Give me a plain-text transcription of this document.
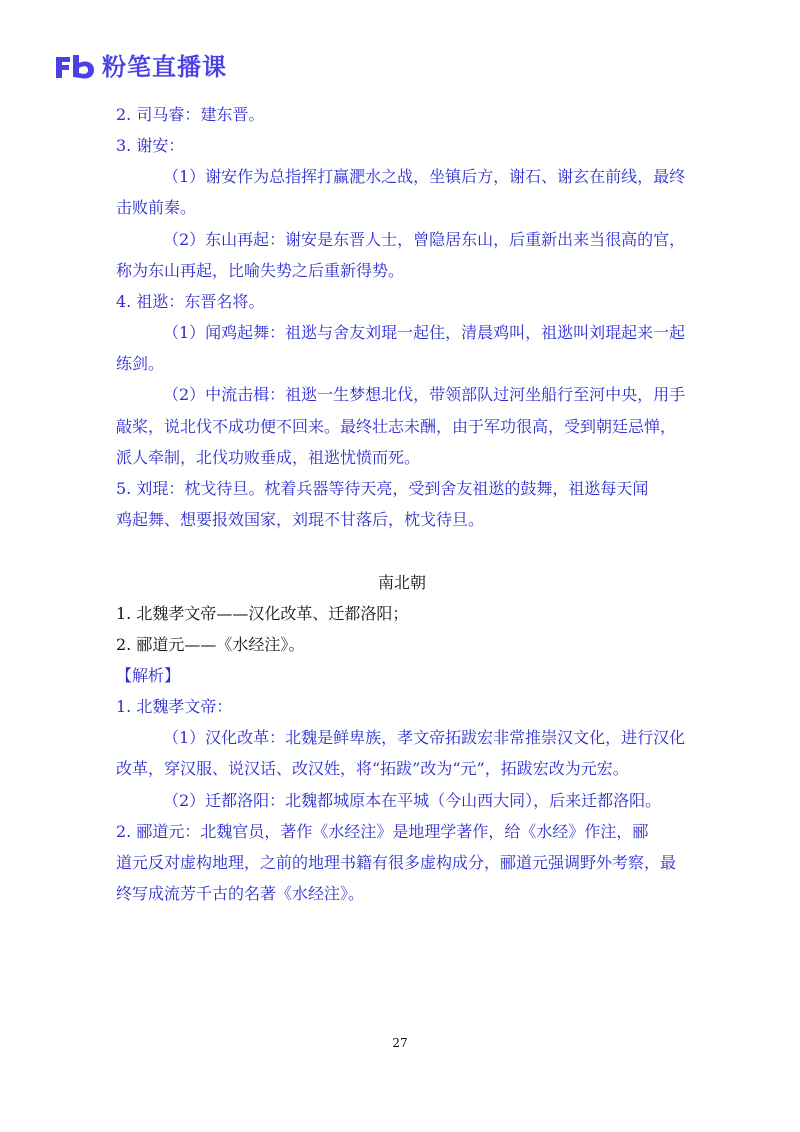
粉笔直播课
2. 司马睿：建东晋。
3. 谢安：
（1）谢安作为总指挥打赢淝水之战，坐镇后方，谢石、谢玄在前线，最终
击败前秦。
（2）东山再起：谢安是东晋人士，曾隐居东山，后重新出来当很高的官，
称为东山再起，比喻失势之后重新得势。
4. 祖逖：东晋名将。
（1）闻鸡起舞：祖逖与舍友刘琨一起住，清晨鸡叫，祖逖叫刘琨起来一起
练剑。
（2）中流击楫：祖逖一生梦想北伐，带领部队过河坐船行至河中央，用手
敲桨，说北伐不成功便不回来。最终壮志未酬，由于军功很高，受到朝廷忌惮，
派人牵制，北伐功败垂成，祖逖忧愤而死。
5. 刘琨：枕戈待旦。枕着兵器等待天亮，受到舍友祖逖的鼓舞，祖逖每天闻
鸡起舞、想要报效国家，刘琨不甘落后，枕戈待旦。
南北朝
1. 北魏孝文帝——汉化改革、迁都洛阳；
2. 郦道元——《水经注》。
【解析】
1. 北魏孝文帝：
（1）汉化改革：北魏是鲜卑族，孝文帝拓跋宏非常推崇汉文化，进行汉化
改革，穿汉服、说汉话、改汉姓，将“拓跋”改为“元”，拓跋宏改为元宏。
（2）迁都洛阳：北魏都城原本在平城（今山西大同），后来迁都洛阳。
2. 郦道元：北魏官员，著作《水经注》是地理学著作，给《水经》作注，郦
道元反对虚构地理，之前的地理书籍有很多虚构成分，郦道元强调野外考察，最
终写成流芳千古的名著《水经注》。
27
